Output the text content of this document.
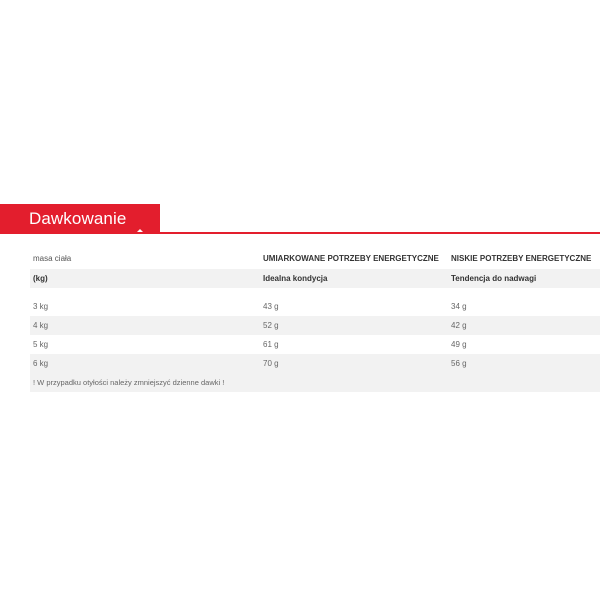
Dawkowanie
masa ciała	UMIARKOWANE POTRZEBY ENERGETYCZNE	NISKIE POTRZEBY ENERGETYCZNE
(kg)	Idealna kondycja	Tendencja do nadwagi

3 kg	43 g	34 g
4 kg	52 g	42 g
5 kg	61 g	49 g
6 kg	70 g	56 g
! W przypadku otyłości należy zmniejszyć dzienne dawki !		
